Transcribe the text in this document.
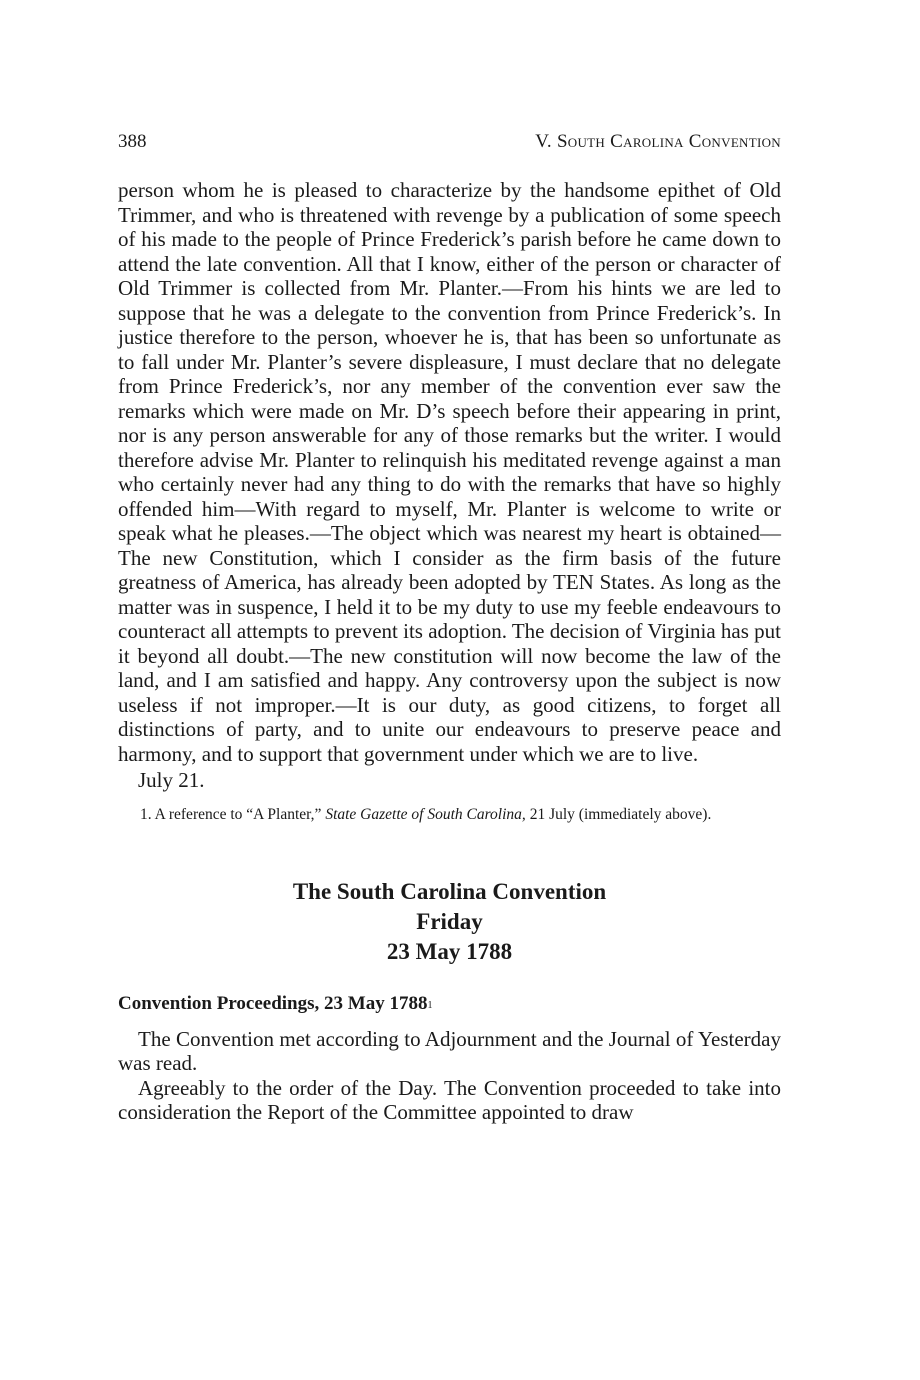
388	V. South Carolina Convention

person whom he is pleased to characterize by the handsome epithet of Old Trimmer, and who is threatened with revenge by a publication of some speech of his made to the people of Prince Frederick’s parish before he came down to attend the late convention. All that I know, either of the person or character of Old Trimmer is collected from Mr. Planter.—From his hints we are led to suppose that he was a delegate to the convention from Prince Frederick’s. In justice therefore to the person, whoever he is, that has been so unfortunate as to fall under Mr. Planter’s severe displeasure, I must declare that no delegate from Prince Frederick’s, nor any member of the convention ever saw the remarks which were made on Mr. D’s speech before their appearing in print, nor is any person answerable for any of those remarks but the writer. I would therefore advise Mr. Planter to relinquish his meditated revenge against a man who certainly never had any thing to do with the remarks that have so highly offended him—With regard to myself, Mr. Planter is welcome to write or speak what he pleases.—The object which was nearest my heart is obtained—The new Constitution, which I consider as the firm basis of the future greatness of America, has already been adopted by TEN States. As long as the matter was in suspence, I held it to be my duty to use my feeble endeavours to counteract all attempts to prevent its adoption. The decision of Virginia has put it beyond all doubt.—The new constitution will now become the law of the land, and I am satisfied and happy. Any controversy upon the subject is now useless if not improper.—It is our duty, as good citizens, to forget all distinctions of party, and to unite our endeavours to preserve peace and harmony, and to support that government under which we are to live.

July 21.

1. A reference to “A Planter,” State Gazette of South Carolina, 21 July (immediately above).

The South Carolina Convention
Friday
23 May 1788

Convention Proceedings, 23 May 1788$^1$

The Convention met according to Adjournment and the Journal of Yesterday was read.

Agreeably to the order of the Day. The Convention proceeded to take into consideration the Report of the Committee appointed to draw
